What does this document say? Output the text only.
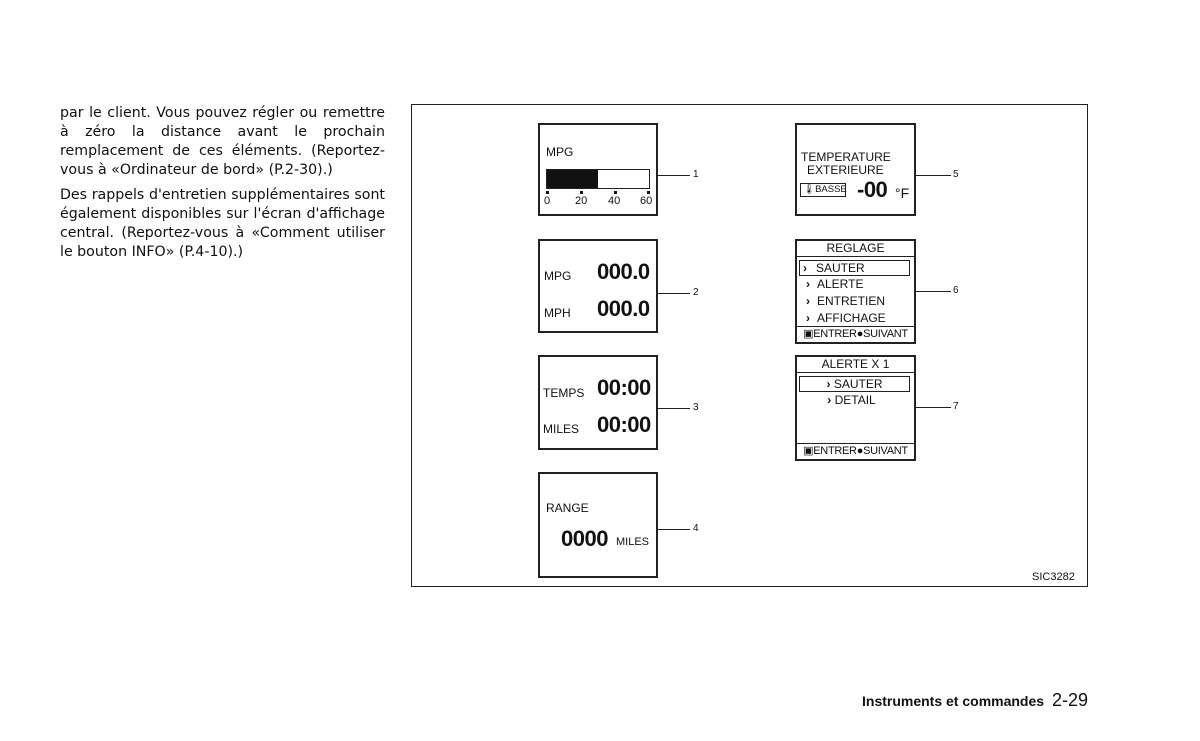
par le client. Vous pouvez régler ou remettre à zéro la distance avant le prochain remplacement de ces éléments. (Reportez-vous à «Ordinateur de bord» (P.2-30).)
Des rappels d'entretien supplémentaires sont également disponibles sur l'écran d'affichage central. (Reportez-vous à «Comment utiliser le bouton INFO» (P.4-10).)
MPG
0 20 40 60
1
MPG 000.0
MPH 000.0
2
TEMPS 00:00
MILES 00:00
3
RANGE
0000 MILES
4
TEMPERATURE
EXTERIEURE
🌡BASSE -00 °F
5
REGLAGE
› SAUTER
› ALERTE
› ENTRETIEN
› AFFICHAGE
▣ENTRER●SUIVANT
6
ALERTE X 1
› SAUTER
› DETAIL
▣ENTRER●SUIVANT
7
SIC3282
Instruments et commandes 2-29
